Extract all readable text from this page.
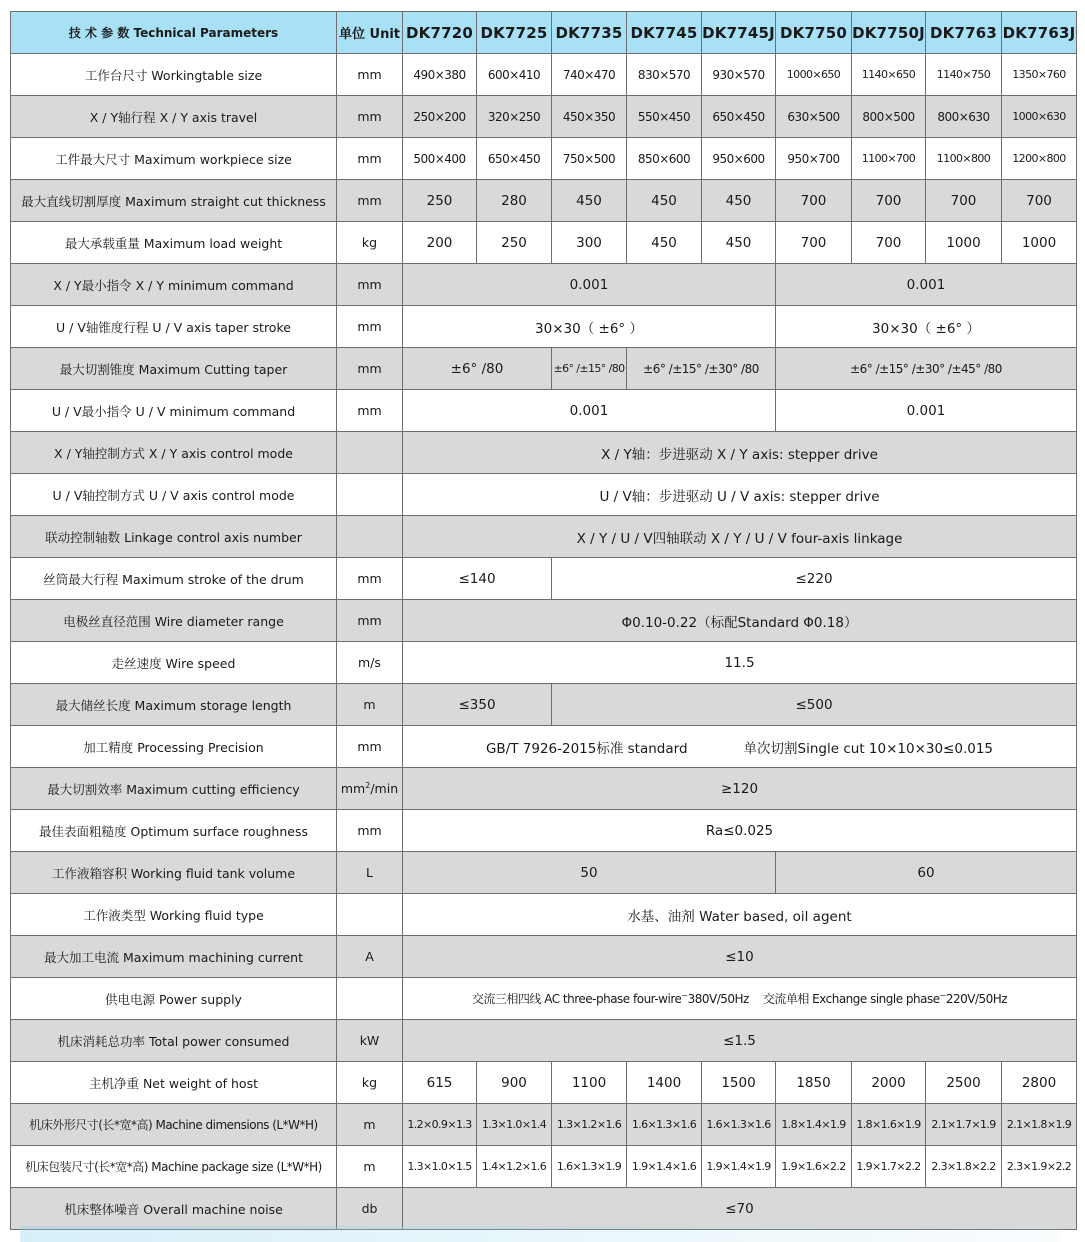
技 术 参 数 Technical Parameters	单位 Unit	DK7720	DK7725	DK7735	DK7745	DK7745J	DK7750	DK7750J	DK7763	DK7763J
工作台尺寸 Workingtable size	mm	490×380	600×410	740×470	830×570	930×570	1000×650	1140×650	1140×750	1350×760
X / Y轴行程 X / Y axis travel	mm	250×200	320×250	450×350	550×450	650×450	630×500	800×500	800×630	1000×630
工件最大尺寸 Maximum workpiece size	mm	500×400	650×450	750×500	850×600	950×600	950×700	1100×700	1100×800	1200×800
最大直线切割厚度 Maximum straight cut thickness	mm	250	280	450	450	450	700	700	700	700
最大承载重量 Maximum load weight	kg	200	250	300	450	450	700	700	1000	1000
X / Y最小指令 X / Y minimum command	mm	0.001					0.001			
U / V轴锥度行程 U / V axis taper stroke	mm	30×30（ ±6° ）					30×30（ ±6° ）			
最大切割锥度 Maximum Cutting taper	mm	±6° /80		±6° /±15° /80	±6° /±15° /±30° /80		±6° /±15° /±30° /±45° /80			
U / V最小指令 U / V minimum command	mm	0.001					0.001			
X / Y轴控制方式 X / Y axis control mode		X / Y轴：步进驱动 X / Y axis: stepper drive								
U / V轴控制方式 U / V axis control mode		U / V轴：步进驱动 U / V axis: stepper drive								
联动控制轴数 Linkage control axis number		X / Y / U / V四轴联动 X / Y / U / V four-axis linkage								
丝筒最大行程 Maximum stroke of the drum	mm	≤140		≤220						
电极丝直径范围 Wire diameter range	mm	Φ0.10-0.22（标配Standard Φ0.18）								
走丝速度 Wire speed	m/s	11.5								
最大储丝长度 Maximum storage length	m	≤350		≤500						
加工精度 Processing Precision	mm	GB/T 7926-2015标准 standard 单次切割Single cut 10×10×30≤0.015								
最大切割效率 Maximum cutting efficiency	$mm^2/\min$	≥120								
最佳表面粗糙度 Optimum surface roughness	mm	Ra≤0.025								
工作液箱容积 Working fluid tank volume	L	50					60			
工作液类型 Working fluid type		水基、油剂 Water based, oil agent								
最大加工电流 Maximum machining current	A	≤10								
供电电源 Power supply		交流三相四线 AC three-phase four-wire~380V/50Hz 交流单相 Exchange single phase~220V/50Hz								
机床消耗总功率 Total power consumed	kW	≤1.5								
主机净重 Net weight of host	kg	615	900	1100	1400	1500	1850	2000	2500	2800
机床外形尺寸(长*宽*高) Machine dimensions (L*W*H)	m	1.2×0.9×1.3	1.3×1.0×1.4	1.3×1.2×1.6	1.6×1.3×1.6	1.6×1.3×1.6	1.8×1.4×1.9	1.8×1.6×1.9	2.1×1.7×1.9	2.1×1.8×1.9
机床包装尺寸(长*宽*高) Machine package size (L*W*H)	m	1.3×1.0×1.5	1.4×1.2×1.6	1.6×1.3×1.9	1.9×1.4×1.6	1.9×1.4×1.9	1.9×1.6×2.2	1.9×1.7×2.2	2.3×1.8×2.2	2.3×1.9×2.2
机床整体噪音 Overall machine noise	db	≤70								
